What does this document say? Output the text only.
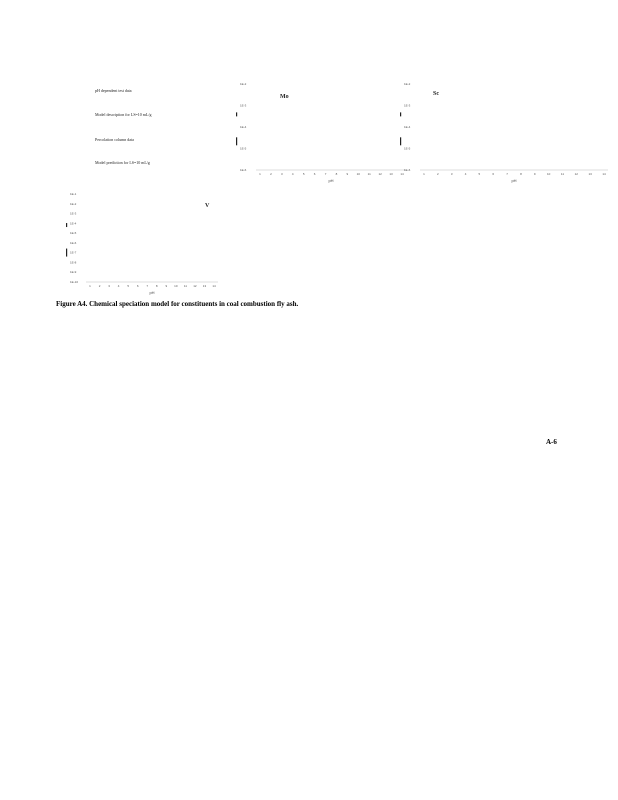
pH dependent test data
Model description for LS=10 mL/g
Percolation column data
Model prediction for LS=10 mL/g
1E-2
1E-3
1E-4
1E-5
1E-6
1	2	3	4	5	6	7	8	9	10	11	12	13	14
pH
Mo
1E-2
1E-3
1E-4
1E-5
1E-6
1	2	3	4	5	6	7	8	9	10	11	12	13	14
pH
Sc
1E-1
1E-2
1E-3
1E-4
1E-5
1E-6
1E-7
1E-8
1E-9
1E-10
1	2	3	4	5	6	7	8	9 10 11 12 13 14
pH
V
Figure A4. Chemical speciation model for constituents in coal combustion fly ash.
A-6
